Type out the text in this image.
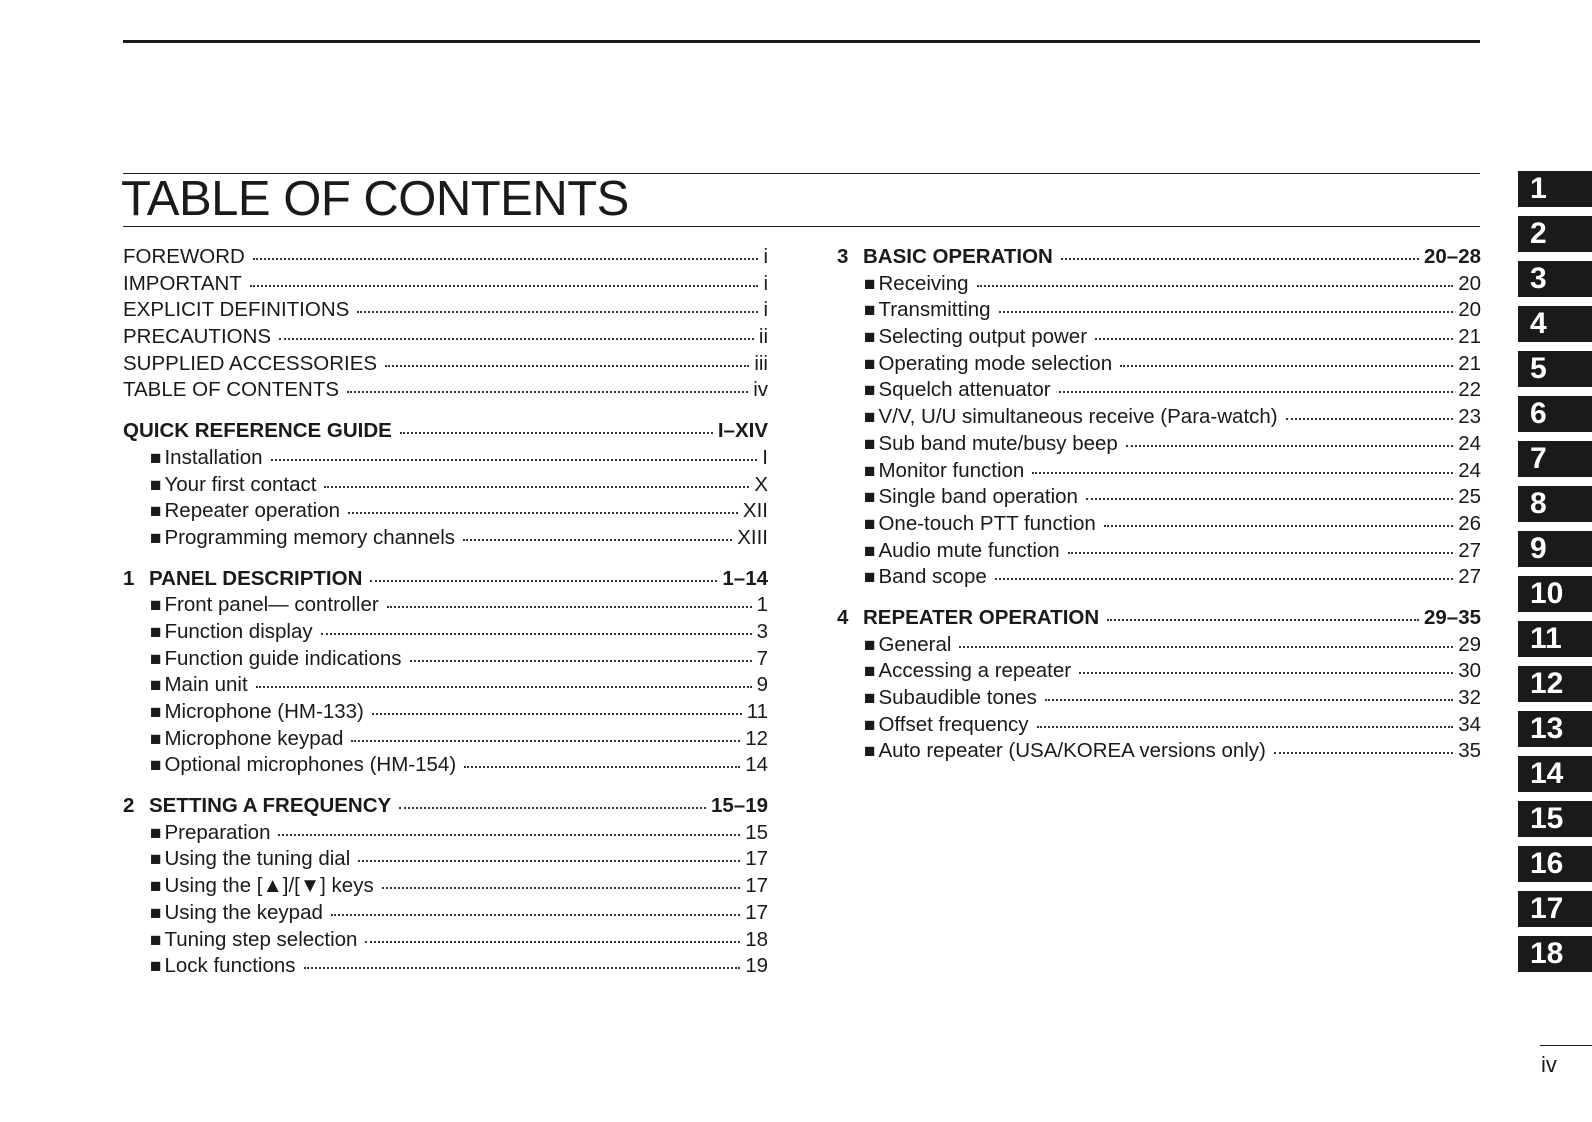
TABLE OF CONTENTS
FOREWORD	i
IMPORTANT	i
EXPLICIT DEFINITIONS	i
PRECAUTIONS	ii
SUPPLIED ACCESSORIES	iii
TABLE OF CONTENTS	iv
QUICK REFERENCE GUIDE	I–XIV
■ Installation	I
■ Your first contact	X
■ Repeater operation	XII
■ Programming memory channels	XIII
1 PANEL DESCRIPTION	1–14
■ Front panel— controller	1
■ Function display	3
■ Function guide indications	7
■ Main unit	9
■ Microphone (HM-133)	11
■ Microphone keypad	12
■ Optional microphones (HM-154)	14
2 SETTING A FREQUENCY	15–19
■ Preparation	15
■ Using the tuning dial	17
■ Using the [▲]/[▼] keys	17
■ Using the keypad	17
■ Tuning step selection	18
■ Lock functions	19
3 BASIC OPERATION	20–28
■ Receiving	20
■ Transmitting	20
■ Selecting output power	21
■ Operating mode selection	21
■ Squelch attenuator	22
■ V/V, U/U simultaneous receive (Para-watch)	23
■ Sub band mute/busy beep	24
■ Monitor function	24
■ Single band operation	25
■ One-touch PTT function	26
■ Audio mute function	27
■ Band scope	27
4 REPEATER OPERATION	29–35
■ General	29
■ Accessing a repeater	30
■ Subaudible tones	32
■ Offset frequency	34
■ Auto repeater (USA/KOREA versions only)	35
1
2
3
4
5
6
7
8
9
10
11
12
13
14
15
16
17
18
iv
